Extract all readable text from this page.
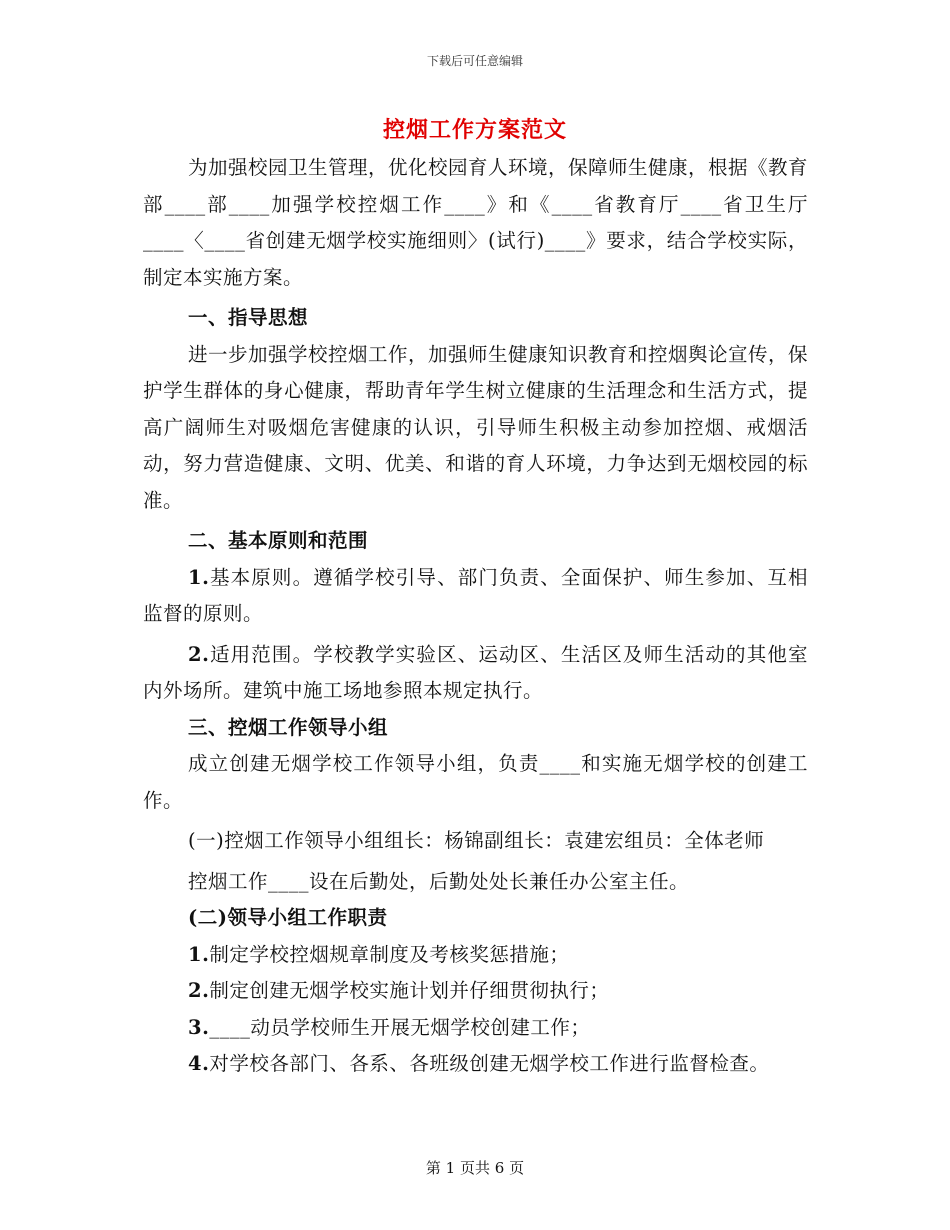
下载后可任意编辑
控烟工作方案范文

为加强校园卫生管理，优化校园育人环境，保障师生健康，根据《教育部____部____加强学校控烟工作____》和《____省教育厅____省卫生厅____〈____省创建无烟学校实施细则〉(试行)____》要求，结合学校实际，制定本实施方案。

一、指导思想

进一步加强学校控烟工作，加强师生健康知识教育和控烟舆论宣传，保护学生群体的身心健康，帮助青年学生树立健康的生活理念和生活方式，提高广阔师生对吸烟危害健康的认识，引导师生积极主动参加控烟、戒烟活动，努力营造健康、文明、优美、和谐的育人环境，力争达到无烟校园的标准。

二、基本原则和范围

1.基本原则。遵循学校引导、部门负责、全面保护、师生参加、互相监督的原则。

2.适用范围。学校教学实验区、运动区、生活区及师生活动的其他室内外场所。建筑中施工场地参照本规定执行。

三、控烟工作领导小组

成立创建无烟学校工作领导小组，负责____和实施无烟学校的创建工作。

(一)控烟工作领导小组组长：杨锦副组长：袁建宏组员：全体老师

控烟工作____设在后勤处，后勤处处长兼任办公室主任。

(二)领导小组工作职责

1.制定学校控烟规章制度及考核奖惩措施；

2.制定创建无烟学校实施计划并仔细贯彻执行；

3.____动员学校师生开展无烟学校创建工作；

4.对学校各部门、各系、各班级创建无烟学校工作进行监督检查。

第 1 页共 6 页
